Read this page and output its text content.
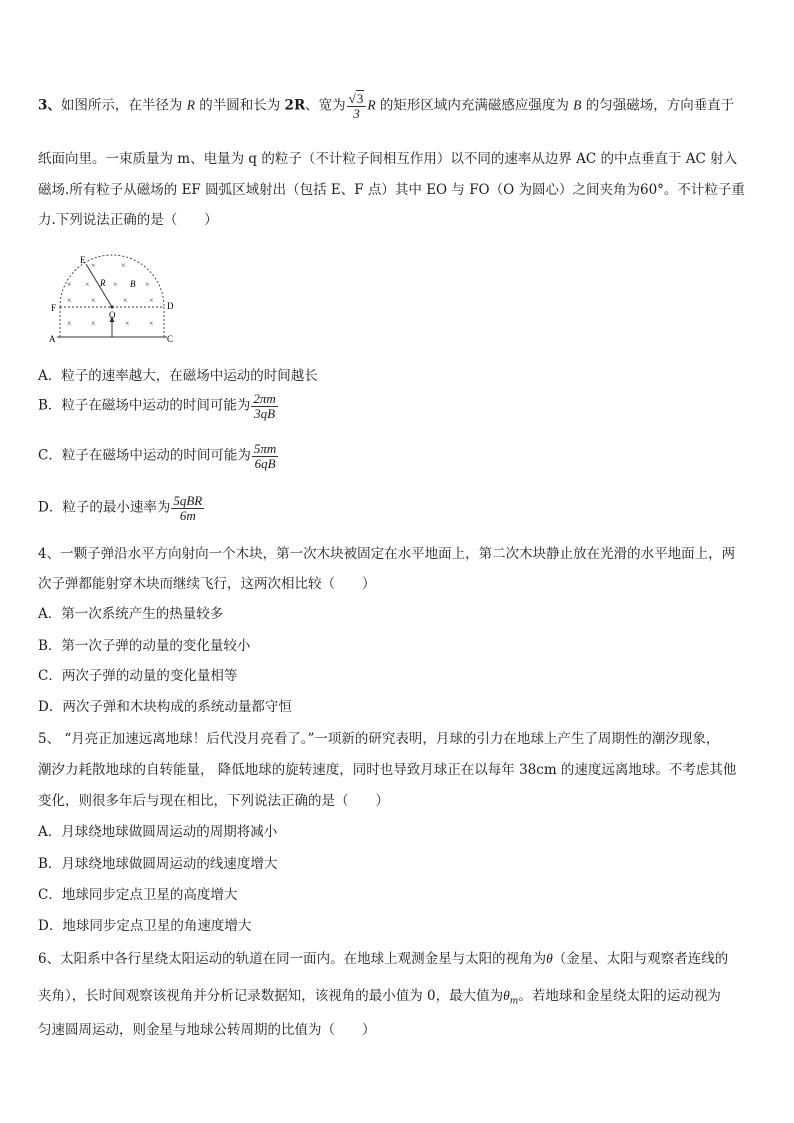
3、如图所示，在半径为 R 的半圆和长为 2R、宽为 $\frac{√3}{3}$ R 的矩形区域内充满磁感应强度为 B 的匀强磁场，方向垂直于
纸面向里。一束质量为 m、电量为 q 的粒子（不计粒子间相互作用）以不同的速率从边界 AC 的中点垂直于 AC 射入
磁场.所有粒子从磁场的 EF 圆弧区域射出（包括 E、F 点）其中 EO 与 FO（O 为圆心）之间夹角为60°。不计粒子重
力.下列说法正确的是（　　）
E
R	B
F
O
D
A	C
×	×
× ×	×	×
× ×	×	×
× ×	× ×
A．粒子的速率越大，在磁场中运动的时间越长
B．粒子在磁场中运动的时间可能为 $\frac{2\pi m}{3qB}$
C．粒子在磁场中运动的时间可能为 $\frac{5\pi m}{6qB}$
D．粒子的最小速率为 $\frac{\text{5qBR}}{6m}$
4、一颗子弹沿水平方向射向一个木块，第一次木块被固定在水平地面上，第二次木块静止放在光滑的水平地面上，两
次子弹都能射穿木块而继续飞行，这两次相比较（　　）
A．第一次系统产生的热量较多
B．第一次子弹的动量的变化量较小
C．两次子弹的动量的变化量相等
D．两次子弹和木块构成的系统动量都守恒
5、 “月亮正加速远离地球！后代没月亮看了。”一项新的研究表明，月球的引力在地球上产生了周期性的潮汐现象，
潮汐力耗散地球的自转能量， 降低地球的旋转速度，同时也导致月球正在以每年 38cm 的速度远离地球。不考虑其他
变化，则很多年后与现在相比，下列说法正确的是（　　）
A．月球绕地球做圆周运动的周期将减小
B．月球绕地球做圆周运动的线速度增大
C．地球同步定点卫星的高度增大
D．地球同步定点卫星的角速度增大
6、太阳系中各行星绕太阳运动的轨道在同一面内。在地球上观测金星与太阳的视角为θ（金星、太阳与观察者连线的
夹角），长时间观察该视角并分析记录数据知，该视角的最小值为 0，最大值为$\theta_m$。若地球和金星绕太阳的运动视为
匀速圆周运动，则金星与地球公转周期的比值为（　　）
